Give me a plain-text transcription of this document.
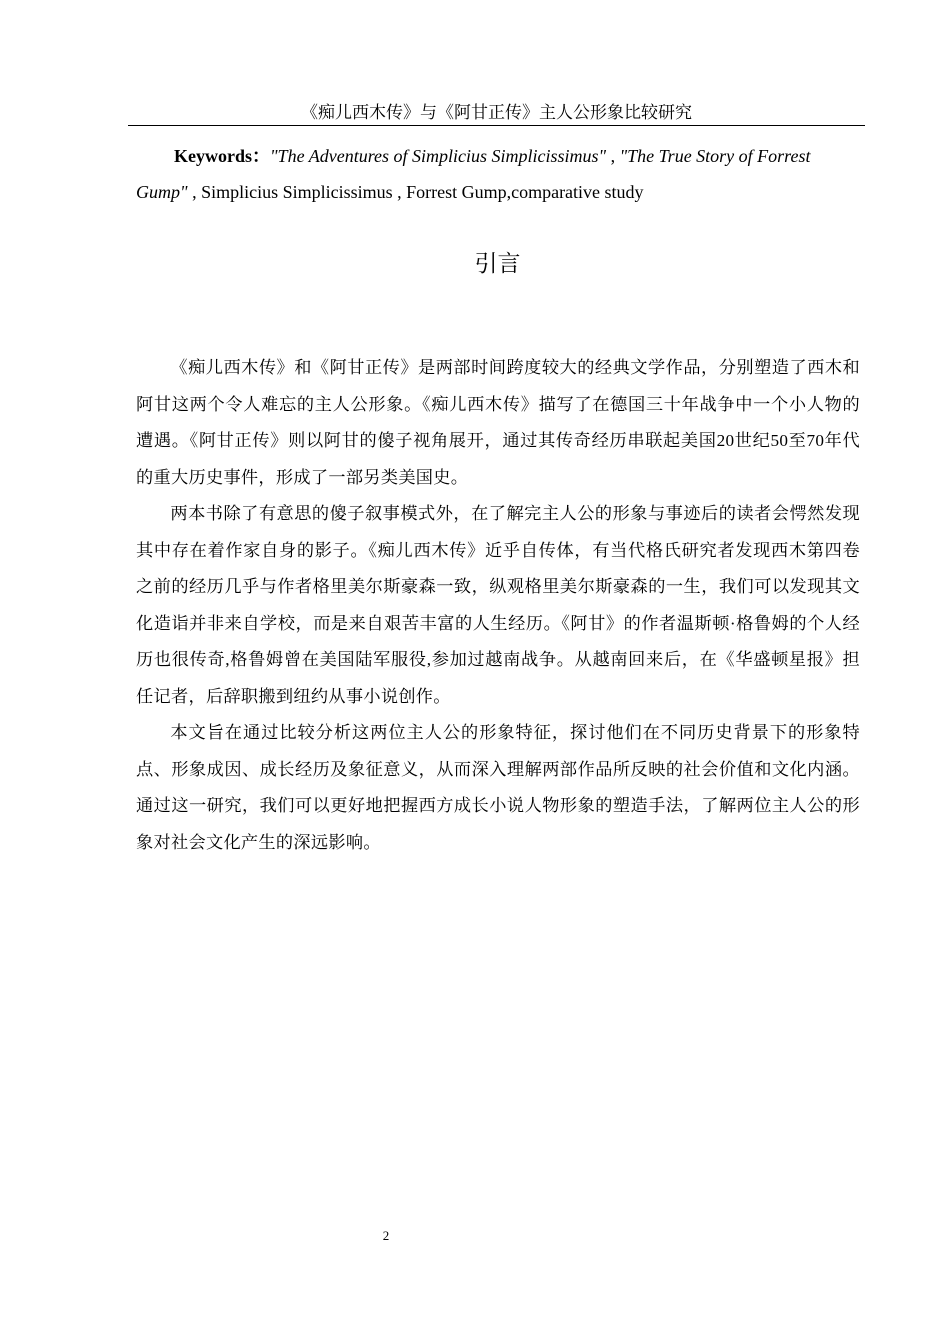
《痴儿西木传》与《阿甘正传》主人公形象比较研究
Keywords："The Adventures of Simplicius Simplicissimus" , "The True Story of Forrest Gump" , Simplicius Simplicissimus , Forrest Gump,comparative study
引言

《痴儿西木传》和《阿甘正传》是两部时间跨度较大的经典文学作品，分别塑造了西木和阿甘这两个令人难忘的主人公形象。《痴儿西木传》描写了在德国三十年战争中一个小人物的遭遇。《阿甘正传》则以阿甘的傻子视角展开，通过其传奇经历串联起美国20世纪50至70年代的重大历史事件，形成了一部另类美国史。

两本书除了有意思的傻子叙事模式外，在了解完主人公的形象与事迹后的读者会愕然发现其中存在着作家自身的影子。《痴儿西木传》近乎自传体，有当代格氏研究者发现西木第四卷之前的经历几乎与作者格里美尔斯豪森一致，纵观格里美尔斯豪森的一生，我们可以发现其文化造诣并非来自学校，而是来自艰苦丰富的人生经历。《阿甘》的作者温斯顿·格鲁姆的个人经历也很传奇,格鲁姆曾在美国陆军服役,参加过越南战争。从越南回来后，在《华盛顿星报》担任记者，后辞职搬到纽约从事小说创作。

本文旨在通过比较分析这两位主人公的形象特征，探讨他们在不同历史背景下的形象特点、形象成因、成长经历及象征意义，从而深入理解两部作品所反映的社会价值和文化内涵。通过这一研究，我们可以更好地把握西方成长小说人物形象的塑造手法，了解两位主人公的形象对社会文化产生的深远影响。

2
